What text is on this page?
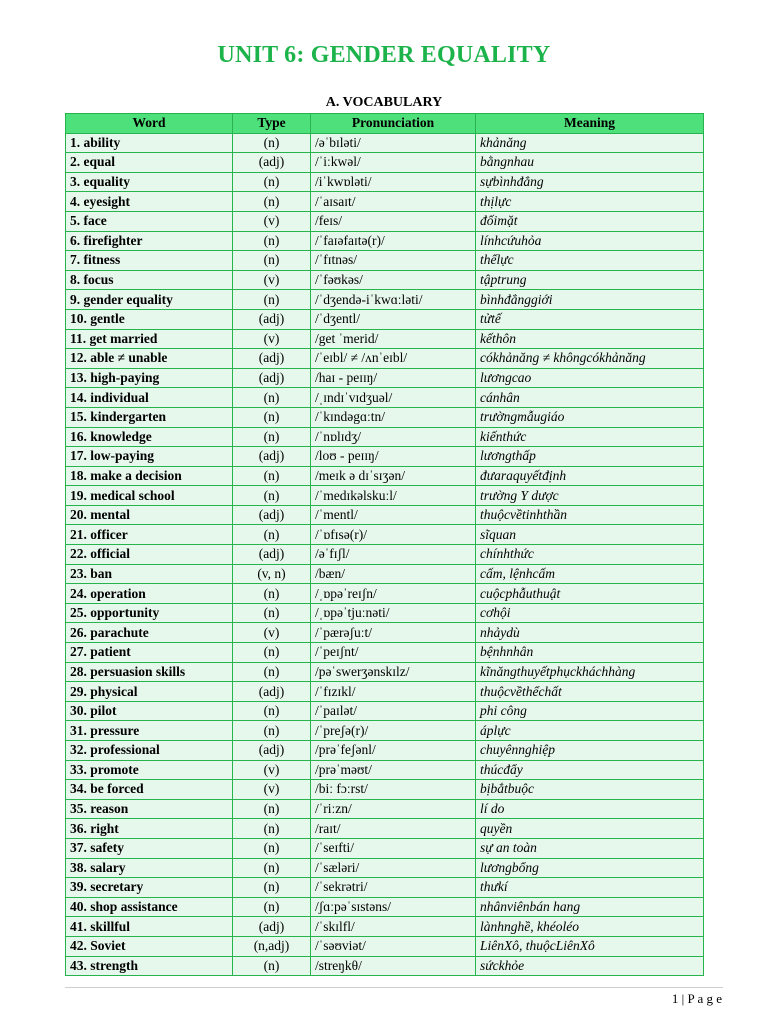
UNIT 6: GENDER EQUALITY
A. VOCABULARY
Word	Type	Pronunciation	Meaning
1. ability	(n)	/əˈbɪləti/	khảnăng
2. equal	(adj)	/ˈiːkwəl/	bằngnhau
3. equality	(n)	/iˈkwɒləti/	sựbìnhđẳng
4. eyesight	(n)	/ˈaɪsaɪt/	thịlực
5. face	(v)	/feɪs/	đốimặt
6. firefighter	(n)	/ˈfaɪəfaɪtə(r)/	línhcứuhỏa
7. fitness	(n)	/ˈfɪtnəs/	thểlực
8. focus	(v)	/ˈfəʊkəs/	tậptrung
9. gender equality	(n)	/ˈdʒendə-iˈkwɑːləti/	bìnhđẳnggiới
10. gentle	(adj)	/ˈdʒentl/	tửtế
11. get married	(v)	/get ˈmerid/	kếthôn
12. able ≠ unable	(adj)	/ˈeɪbl/ ≠ /ʌnˈeɪbl/	cókhảnăng ≠ khôngcókhảnăng
13. high-paying	(adj)	/haɪ - peɪɪŋ/	lươngcao
14. individual	(n)	/ˌɪndɪˈvɪdʒuəl/	cánhân
15. kindergarten	(n)	/ˈkɪndəgɑːtn/	trườngmẫugiáo
16. knowledge	(n)	/ˈnɒlɪdʒ/	kiếnthức
17. low-paying	(adj)	/loʊ - peɪɪŋ/	lươngthấp
18. make a decision	(n)	/meɪk ə dɪˈsɪʒən/	đưaraquyếtđịnh
19. medical school	(n)	/ˈmedɪkəlskuːl/	trường Y dược
20. mental	(adj)	/ˈmentl/	thuộcvềtinhthần
21. officer	(n)	/ˈɒfɪsə(r)/	sĩquan
22. official	(adj)	/əˈfɪʃl/	chínhthức
23. ban	(v, n)	/bæn/	cấm, lệnhcấm
24. operation	(n)	/ˌɒpəˈreɪʃn/	cuộcphẫuthuật
25. opportunity	(n)	/ˌɒpəˈtjuːnəti/	cơhội
26. parachute	(v)	/ˈpærəʃuːt/	nhảydù
27. patient	(n)	/ˈpeɪʃnt/	bệnhnhân
28. persuasion skills	(n)	/pəˈswerʒənskɪlz/	kĩnăngthuyếtphụckháchhàng
29. physical	(adj)	/ˈfɪzɪkl/	thuộcvềthểchất
30. pilot	(n)	/ˈpaɪlət/	phi công
31. pressure	(n)	/ˈpreʃə(r)/	áplực
32. professional	(adj)	/prəˈfeʃənl/	chuyênnghiệp
33. promote	(v)	/prəˈməʊt/	thúcđẩy
34. be forced	(v)	/biː fɔːrst/	bịbắtbuộc
35. reason	(n)	/ˈriːzn/	lí do
36. right	(n)	/raɪt/	quyền
37. safety	(n)	/ˈseɪfti/	sự an toàn
38. salary	(n)	/ˈsæləri/	lươngbổng
39. secretary	(n)	/ˈsekrətri/	thưkí
40. shop assistance	(n)	/ʃɑːpəˈsɪstəns/	nhânviênbán hang
41. skillful	(adj)	/ˈskɪlfl/	lànhnghề, khéoléo
42. Soviet	(n,adj)	/ˈsəʊviət/	LiênXô, thuộcLiênXô
43. strength	(n)	/streŋkθ/	sứckhỏe
1 | P a g e
